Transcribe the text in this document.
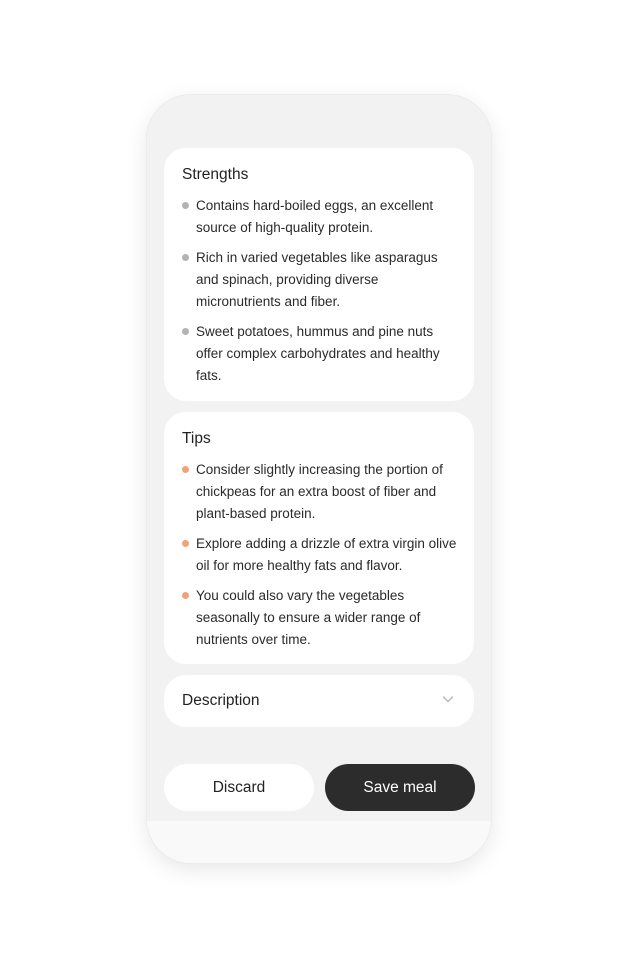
Strengths
Contains hard-boiled eggs, an excellent source of high-quality protein.
Rich in varied vegetables like asparagus and spinach, providing diverse micronutrients and fiber.
Sweet potatoes, hummus and pine nuts offer complex carbohydrates and healthy fats.
Tips
Consider slightly increasing the portion of chickpeas for an extra boost of fiber and plant-based protein.
Explore adding a drizzle of extra virgin olive oil for more healthy fats and flavor.
You could also vary the vegetables seasonally to ensure a wider range of nutrients over time.
Description
Discard	Save meal
